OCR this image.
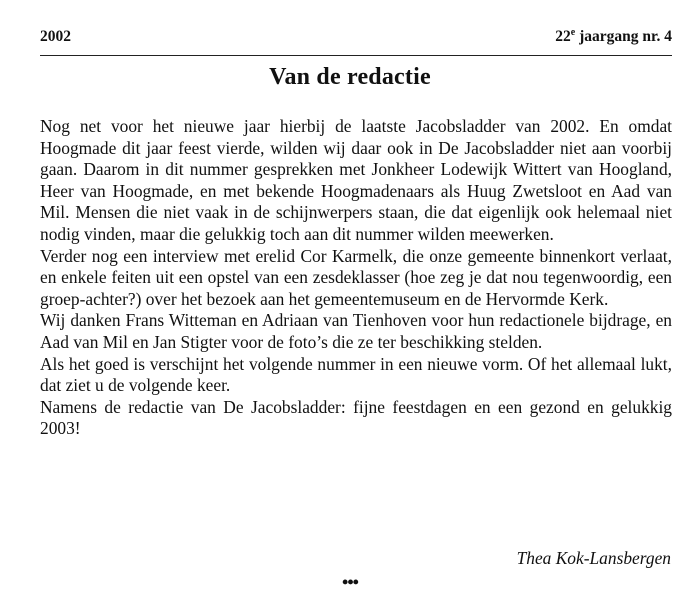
2002	22e jaargang nr. 4
Van de redactie

Nog net voor het nieuwe jaar hierbij de laatste Jacobsladder van 2002. En omdat Hoogmade dit jaar feest vierde, wilden wij daar ook in De Jacobsladder niet aan voorbij gaan. Daarom in dit nummer gesprekken met Jonkheer Lodewijk Wittert van Hoogland, Heer van Hoogmade, en met bekende Hoogmadenaars als Huug Zwetsloot en Aad van Mil. Mensen die niet vaak in de schijnwerpers staan, die dat eigenlijk ook helemaal niet nodig vinden, maar die gelukkig toch aan dit nummer wilden meewerken.

Verder nog een interview met erelid Cor Karmelk, die onze gemeente binnenkort verlaat, en enkele feiten uit een opstel van een zesdeklasser (hoe zeg je dat nou tegenwoordig, een groep-achter?) over het bezoek aan het gemeentemuseum en de Hervormde Kerk.

Wij danken Frans Witteman en Adriaan van Tienhoven voor hun redactionele bijdrage, en Aad van Mil en Jan Stigter voor de foto’s die ze ter beschikking stelden.

Als het goed is verschijnt het volgende nummer in een nieuwe vorm. Of het allemaal lukt, dat ziet u de volgende keer.

Namens de redactie van De Jacobsladder: fijne feestdagen en een gezond en gelukkig 2003!

Thea Kok-Lansbergen
•••
